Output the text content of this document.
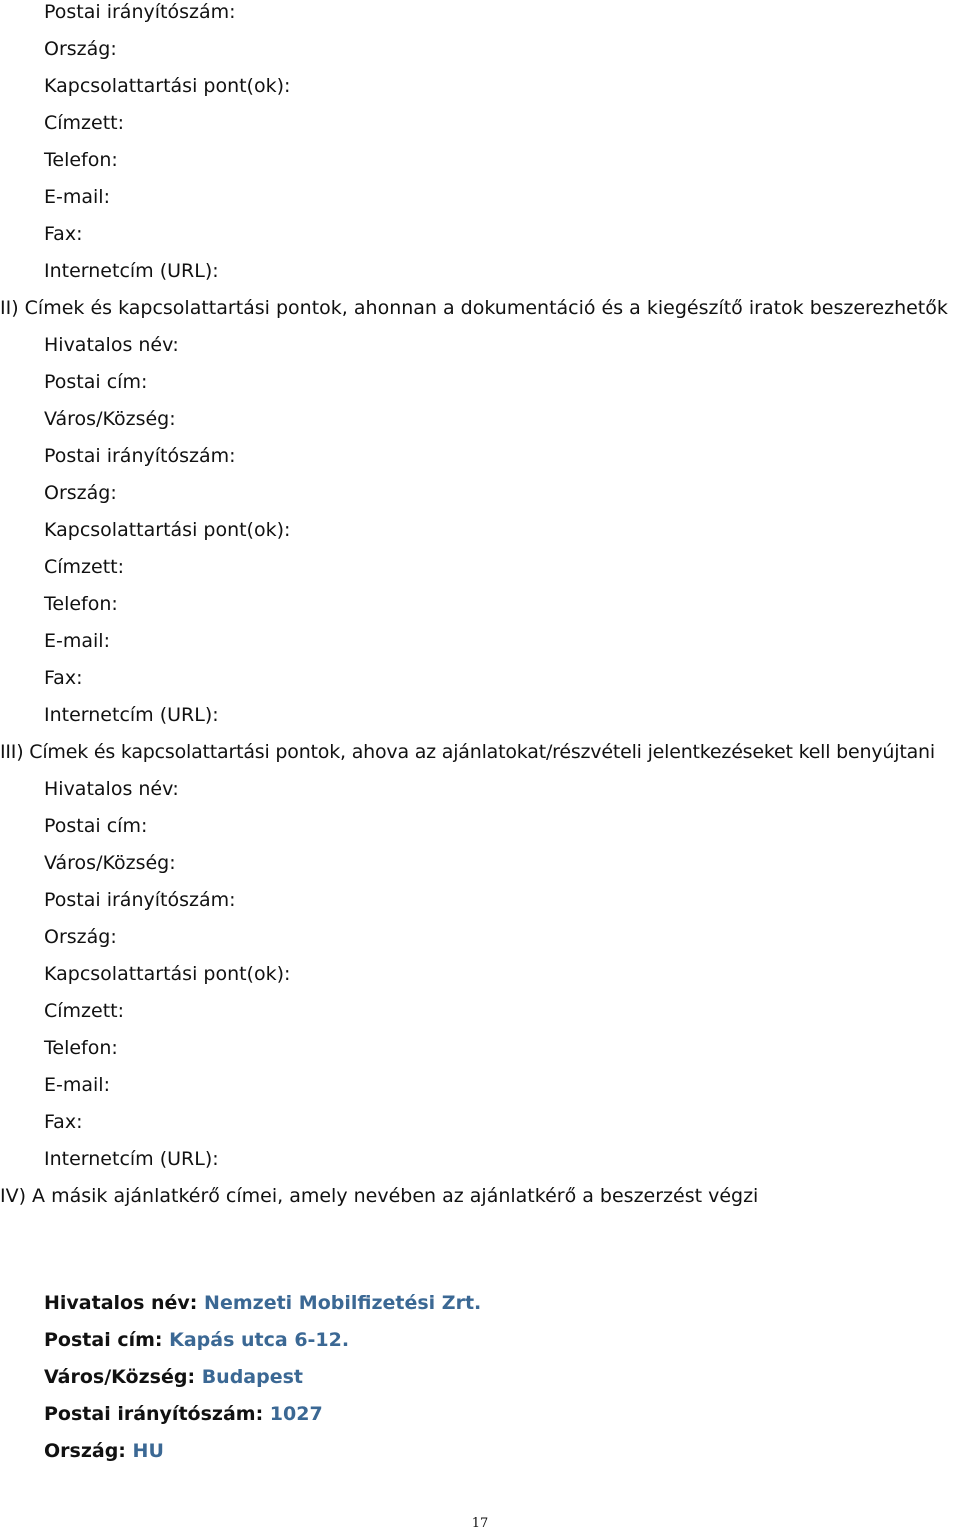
Postai irányítószám:
Ország:
Kapcsolattartási pont(ok):
Címzett:
Telefon:
E-mail:
Fax:
Internetcím (URL):
II) Címek és kapcsolattartási pontok, ahonnan a dokumentáció és a kiegészítő iratok beszerezhetők
Hivatalos név:
Postai cím:
Város/Község:
Postai irányítószám:
Ország:
Kapcsolattartási pont(ok):
Címzett:
Telefon:
E-mail:
Fax:
Internetcím (URL):
III) Címek és kapcsolattartási pontok, ahova az ajánlatokat/részvételi jelentkezéseket kell benyújtani
Hivatalos név:
Postai cím:
Város/Község:
Postai irányítószám:
Ország:
Kapcsolattartási pont(ok):
Címzett:
Telefon:
E-mail:
Fax:
Internetcím (URL):
IV) A másik ajánlatkérő címei, amely nevében az ajánlatkérő a beszerzést végzi
Hivatalos név: Nemzeti Mobilfizetési Zrt.
Postai cím: Kapás utca 6-12.
Város/Község: Budapest
Postai irányítószám: 1027
Ország: HU
17
